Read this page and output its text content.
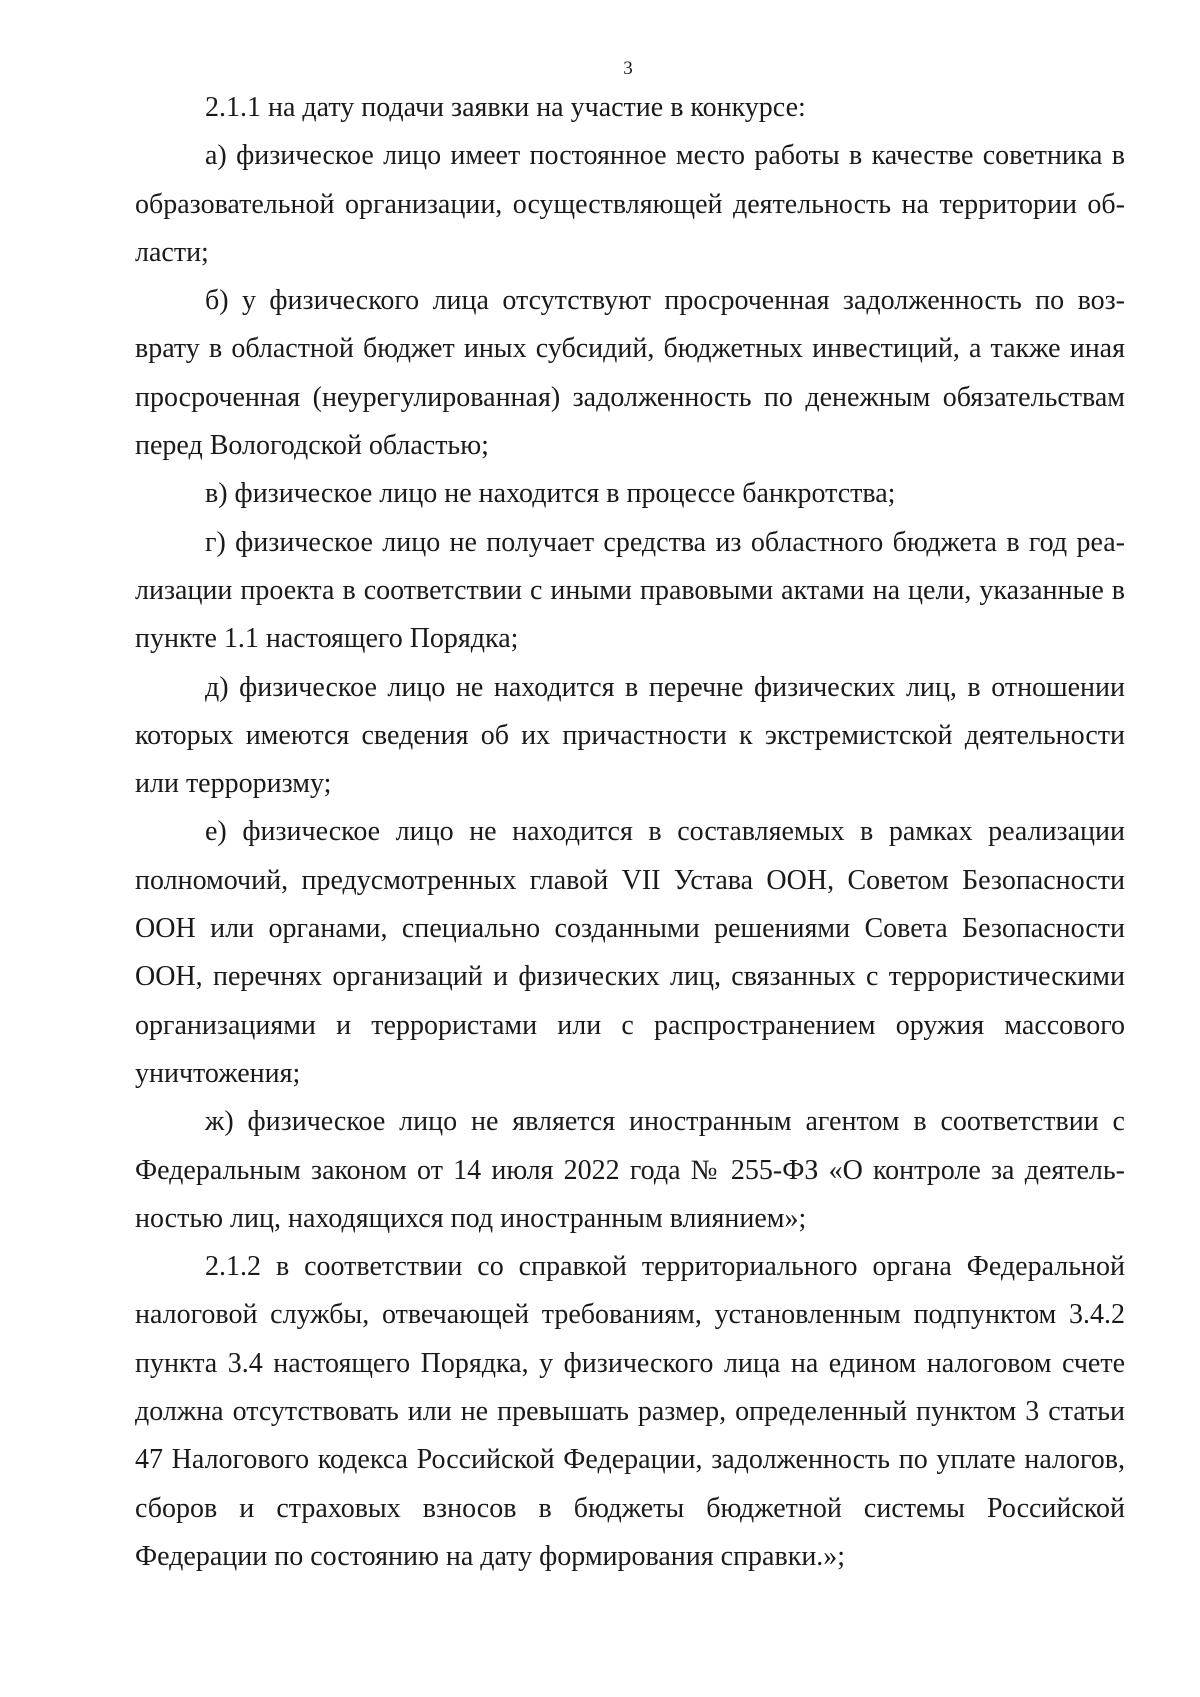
3

2.1.1 на дату подачи заявки на участие в конкурсе:

а) физическое лицо имеет постоянное место работы в качестве советника в образовательной организации, осуществляющей деятельность на территории области;

б) у физического лица отсутствуют просроченная задолженность по возврату в областной бюджет иных субсидий, бюджетных инвестиций, а также иная просроченная (неурегулированная) задолженность по денежным обязательствам перед Вологодской областью;

в) физическое лицо не находится в процессе банкротства;

г) физическое лицо не получает средства из областного бюджета в год реализации проекта в соответствии с иными правовыми актами на цели, указанные в пункте 1.1 настоящего Порядка;

д) физическое лицо не находится в перечне физических лиц, в отношении которых имеются сведения об их причастности к экстремистской деятельности или терроризму;

е) физическое лицо не находится в составляемых в рамках реализации полномочий, предусмотренных главой VII Устава ООН, Советом Безопасности ООН или органами, специально созданными решениями Совета Безопасности ООН, перечнях организаций и физических лиц, связанных с террористическими организациями и террористами или с распространением оружия массового уничтожения;

ж) физическое лицо не является иностранным агентом в соответствии с Федеральным законом от 14 июля 2022 года № 255-ФЗ «О контроле за деятельностью лиц, находящихся под иностранным влиянием»;

2.1.2 в соответствии со справкой территориального органа Федеральной налоговой службы, отвечающей требованиям, установленным подпунктом 3.4.2 пункта 3.4 настоящего Порядка, у физического лица на едином налоговом счете должна отсутствовать или не превышать размер, определенный пунктом 3 статьи 47 Налогового кодекса Российской Федерации, задолженность по уплате налогов, сборов и страховых взносов в бюджеты бюджетной системы Российской Федерации по состоянию на дату формирования справки.»;
